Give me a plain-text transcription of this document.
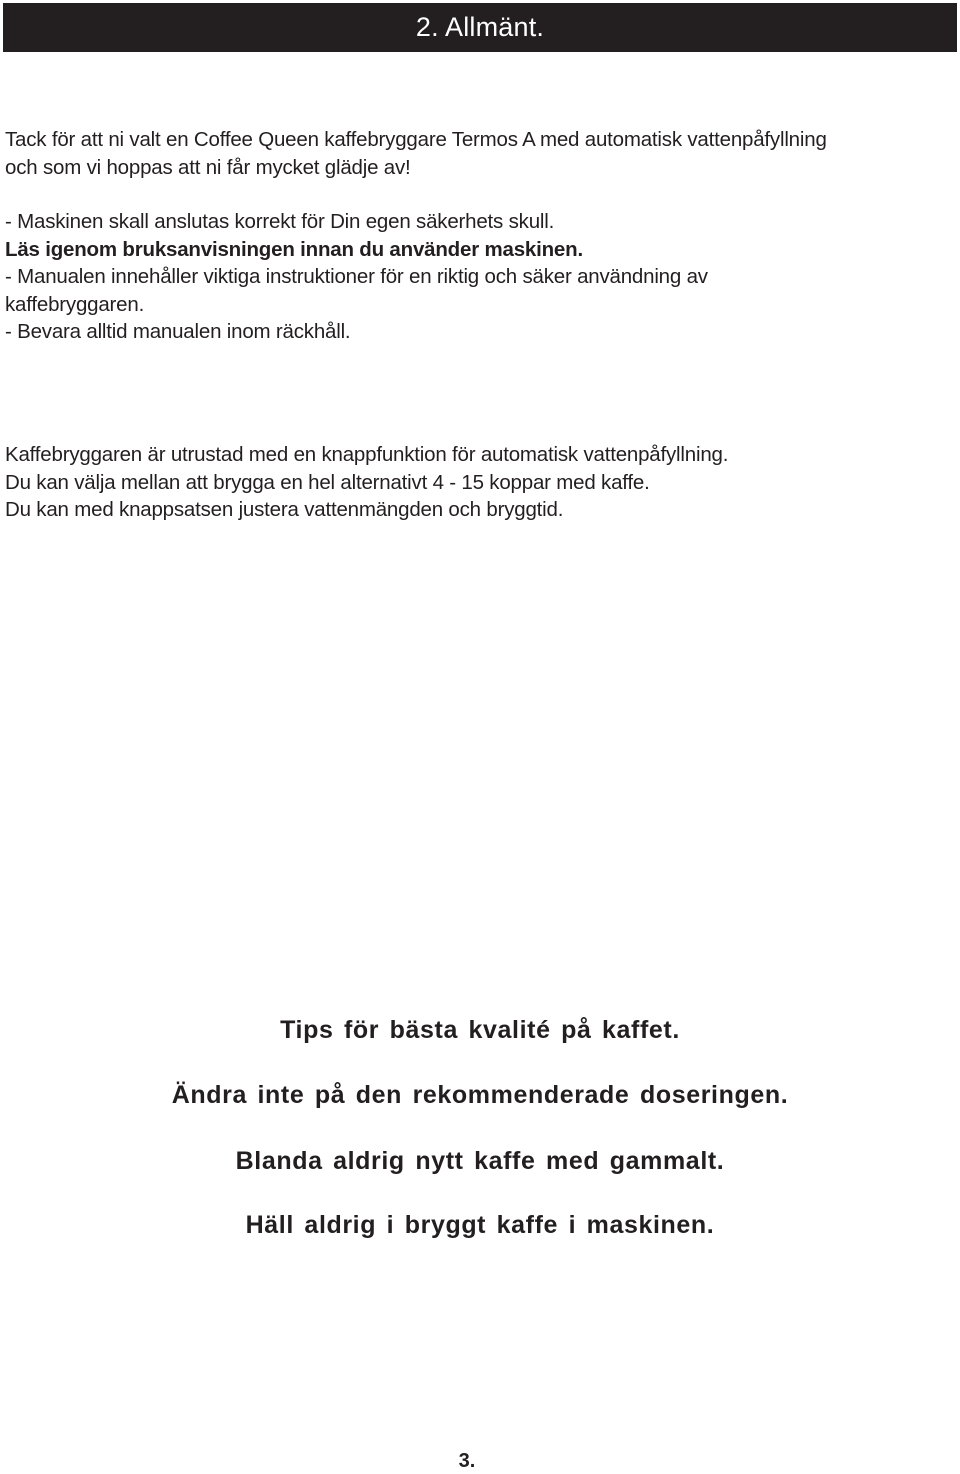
2. Allmänt.
Tack för att ni valt en Coffee Queen kaffebryggare Termos A med automatisk vattenpåfyllning
och som vi hoppas att ni får mycket glädje av!
- Maskinen skall anslutas korrekt för Din egen säkerhets skull.
Läs igenom bruksanvisningen innan du använder maskinen.
- Manualen innehåller viktiga instruktioner för en riktig och säker användning av
kaffebryggaren.
- Bevara alltid manualen inom räckhåll.
Kaffebryggaren är utrustad med en knappfunktion för automatisk vattenpåfyllning.
Du kan välja mellan att brygga en hel alternativt 4 - 15 koppar med kaffe.
Du kan med knappsatsen justera vattenmängden och bryggtid.
Tips för bästa kvalité på kaffet.
Ändra inte på den rekommenderade doseringen.
Blanda aldrig nytt kaffe med gammalt.
Häll aldrig i bryggt kaffe i maskinen.
3.
